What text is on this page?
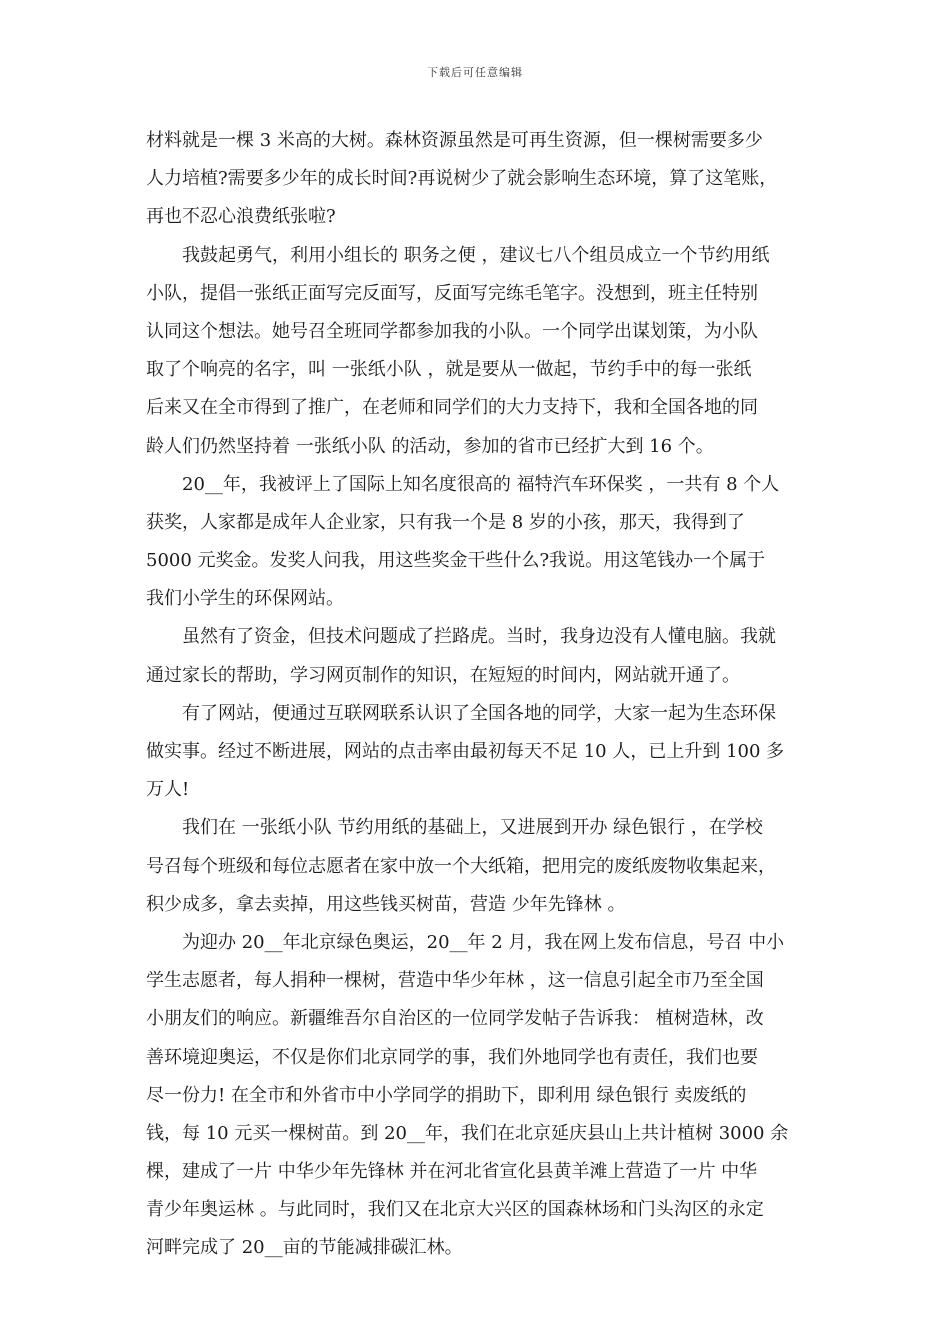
下载后可任意编辑
材料就是一棵 3 米高的大树。森林资源虽然是可再生资源，但一棵树需要多少
人力培植?需要多少年的成长时间?再说树少了就会影响生态环境，算了这笔账，
再也不忍心浪费纸张啦?
　　我鼓起勇气，利用小组长的 职务之便 ，建议七八个组员成立一个节约用纸
小队，提倡一张纸正面写完反面写，反面写完练毛笔字。没想到，班主任特别
认同这个想法。她号召全班同学都参加我的小队。一个同学出谋划策，为小队
取了个响亮的名字，叫 一张纸小队 ，就是要从一做起，节约手中的每一张纸
后来又在全市得到了推广，在老师和同学们的大力支持下，我和全国各地的同
龄人们仍然坚持着 一张纸小队 的活动，参加的省市已经扩大到 16 个。
　　20__年，我被评上了国际上知名度很高的 福特汽车环保奖 ，一共有 8 个人
获奖，人家都是成年人企业家，只有我一个是 8 岁的小孩，那天，我得到了
5000 元奖金。发奖人问我，用这些奖金干些什么?我说。用这笔钱办一个属于
我们小学生的环保网站。
　　虽然有了资金，但技术问题成了拦路虎。当时，我身边没有人懂电脑。我就
通过家长的帮助，学习网页制作的知识，在短短的时间内，网站就开通了。
　　有了网站，便通过互联网联系认识了全国各地的同学，大家一起为生态环保
做实事。经过不断进展，网站的点击率由最初每天不足 10 人，已上升到 100 多
万人!
　　我们在 一张纸小队 节约用纸的基础上，又进展到开办 绿色银行 ，在学校
号召每个班级和每位志愿者在家中放一个大纸箱，把用完的废纸废物收集起来，
积少成多，拿去卖掉，用这些钱买树苗，营造 少年先锋林 。
　　为迎办 20__年北京绿色奥运，20__年 2 月，我在网上发布信息，号召 中小
学生志愿者，每人捐种一棵树，营造中华少年林 ，这一信息引起全市乃至全国
小朋友们的响应。新疆维吾尔自治区的一位同学发帖子告诉我： 植树造林，改
善环境迎奥运，不仅是你们北京同学的事，我们外地同学也有责任，我们也要
尽一份力! 在全市和外省市中小学同学的捐助下，即利用 绿色银行 卖废纸的
钱，每 10 元买一棵树苗。到 20__年，我们在北京延庆县山上共计植树 3000 余
棵，建成了一片 中华少年先锋林 并在河北省宣化县黄羊滩上营造了一片 中华
青少年奥运林 。与此同时，我们又在北京大兴区的国森林场和门头沟区的永定
河畔完成了 20__亩的节能减排碳汇林。
